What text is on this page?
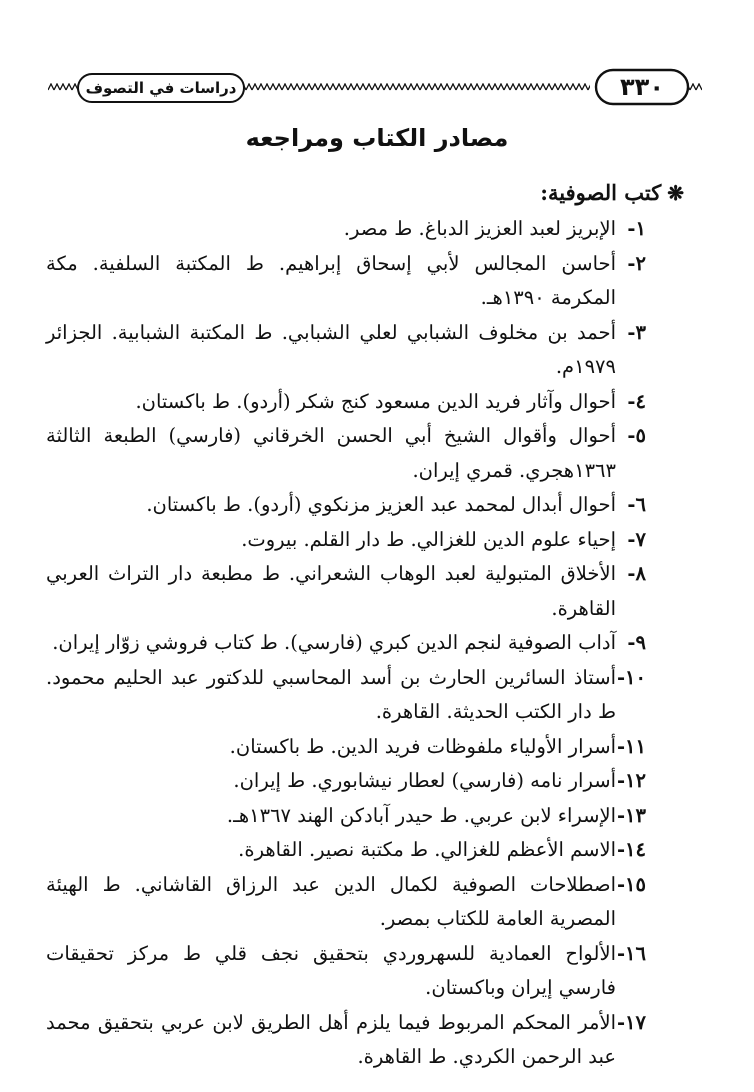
دراسات في التصوف	٣٣٠
مصادر الكتاب ومراجعه
❋
كتب الصوفية:

١-
الإبريز لعبد العزيز الدباغ. ط مصر.

٢-
أحاسن المجالس لأبي إسحاق إبراهيم. ط المكتبة السلفية. مكة المكرمة ١٣٩٠هـ.

٣-
أحمد بن مخلوف الشبابي لعلي الشبابي. ط المكتبة الشبابية. الجزائر ١٩٧٩م.

٤-
أحوال وآثار فريد الدين مسعود كنج شكر (أردو). ط باكستان.

٥-
أحوال وأقوال الشيخ أبي الحسن الخرقاني (فارسي) الطبعة الثالثة ١٣٦٣هجري. قمري إيران.

٦-
أحوال أبدال لمحمد عبد العزيز مزنكوي (أردو). ط باكستان.

٧-
إحياء علوم الدين للغزالي. ط دار القلم. بيروت.

٨-
الأخلاق المتبولية لعبد الوهاب الشعراني. ط مطبعة دار التراث العربي القاهرة.

٩-
آداب الصوفية لنجم الدين كبري (فارسي). ط كتاب فروشي زوّار إيران.

١٠-
أستاذ السائرين الحارث بن أسد المحاسبي للدكتور عبد الحليم محمود. ط دار الكتب الحديثة. القاهرة.

١١-
أسرار الأولياء ملفوظات فريد الدين. ط باكستان.

١٢-
أسرار نامه (فارسي) لعطار نيشابوري. ط إيران.

١٣-
الإسراء لابن عربي. ط حيدر آبادكن الهند ١٣٦٧هـ.

١٤-
الاسم الأعظم للغزالي. ط مكتبة نصير. القاهرة.

١٥-
اصطلاحات الصوفية لكمال الدين عبد الرزاق القاشاني. ط الهيئة المصرية العامة للكتاب بمصر.

١٦-
الألواح العمادية للسهروردي بتحقيق نجف قلي ط مركز تحقيقات فارسي إيران وباكستان.

١٧-
الأمر المحكم المربوط فيما يلزم أهل الطريق لابن عربي بتحقيق محمد عبد الرحمن الكردي. ط القاهرة.
